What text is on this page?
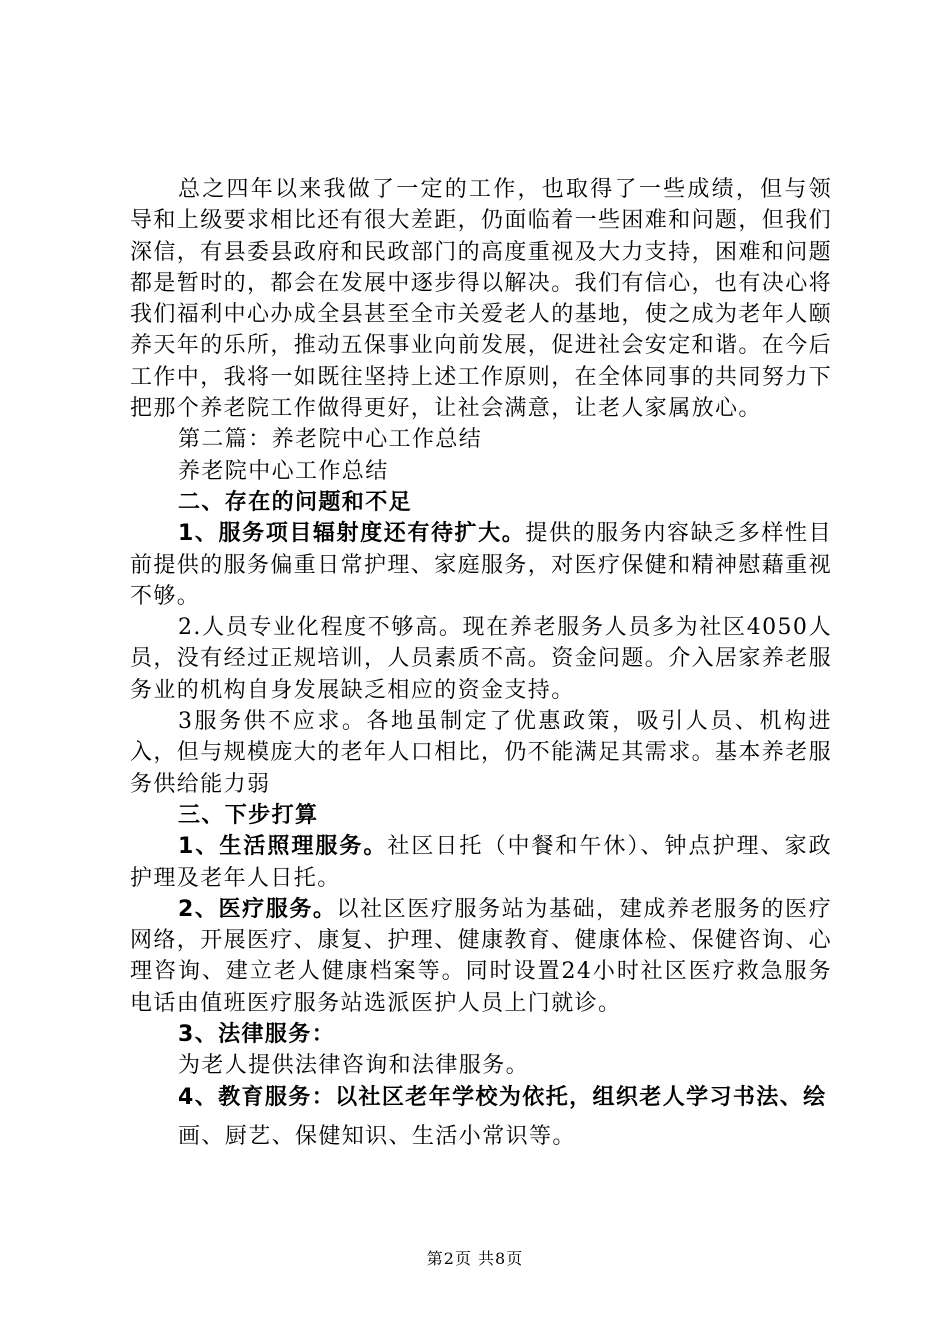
总之四年以来我做了一定的工作，也取得了一些成绩，但与领导和上级要求相比还有很大差距，仍面临着一些困难和问题，但我们深信，有县委县政府和民政部门的高度重视及大力支持，困难和问题都是暂时的，都会在发展中逐步得以解决。我们有信心，也有决心将我们福利中心办成全县甚至全市关爱老人的基地，使之成为老年人颐养天年的乐所，推动五保事业向前发展，促进社会安定和谐。在今后工作中，我将一如既往坚持上述工作原则，在全体同事的共同努力下把那个养老院工作做得更好，让社会满意，让老人家属放心。

第二篇：养老院中心工作总结

养老院中心工作总结

二、存在的问题和不足

1、服务项目辐射度还有待扩大。提供的服务内容缺乏多样性目前提供的服务偏重日常护理、家庭服务，对医疗保健和精神慰藉重视不够。

2.人员专业化程度不够高。现在养老服务人员多为社区4050人员，没有经过正规培训，人员素质不高。资金问题。介入居家养老服务业的机构自身发展缺乏相应的资金支持。

3服务供不应求。各地虽制定了优惠政策，吸引人员、机构进入，但与规模庞大的老年人口相比，仍不能满足其需求。基本养老服务供给能力弱

三、下步打算

1、生活照理服务。社区日托（中餐和午休）、钟点护理、家政护理及老年人日托。

2、医疗服务。以社区医疗服务站为基础，建成养老服务的医疗网络，开展医疗、康复、护理、健康教育、健康体检、保健咨询、心理咨询、建立老人健康档案等。同时设置24小时社区医疗救急服务电话由值班医疗服务站选派医护人员上门就诊。

3、法律服务：

为老人提供法律咨询和法律服务。

4、教育服务：以社区老年学校为依托，组织老人学习书法、绘

画、厨艺、保健知识、生活小常识等。

第2页 共8页
